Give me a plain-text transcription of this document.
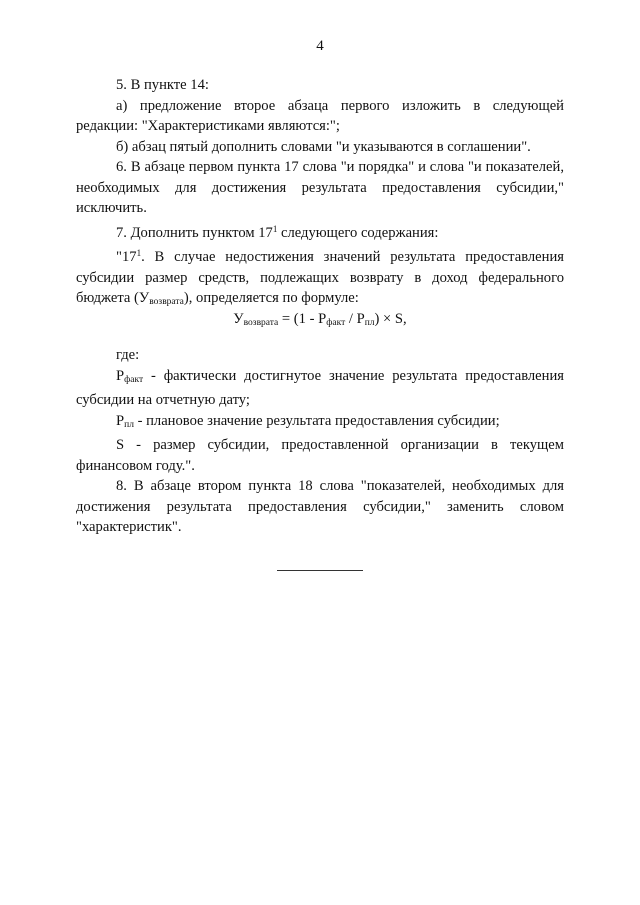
4

5. В пункте 14:

а) предложение второе абзаца первого изложить в следующей редакции: "Характеристиками являются:";

б) абзац пятый дополнить словами "и указываются в соглашении".

6. В абзаце первом пункта 17 слова "и порядка" и слова "и показателей, необходимых для достижения результата предоставления субсидии," исключить.

7. Дополнить пунктом $17^1$ следующего содержания:

"$17^1$. В случае недостижения значений результата предоставления субсидии размер средств, подлежащих возврату в доход федерального бюджета $(У_{возврата})$, определяется по формуле:

$У_{возврата} = (1 - Р_{факт} / Р_{пл}) \times S$,

где:

$Р_{факт}$ - фактически достигнутое значение результата предоставления субсидии на отчетную дату;

$Р_{пл}$ - плановое значение результата предоставления субсидии;

S - размер субсидии, предоставленной организации в текущем финансовом году.".

8. В абзаце втором пункта 18 слова "показателей, необходимых для достижения результата предоставления субсидии," заменить словом "характеристик".
